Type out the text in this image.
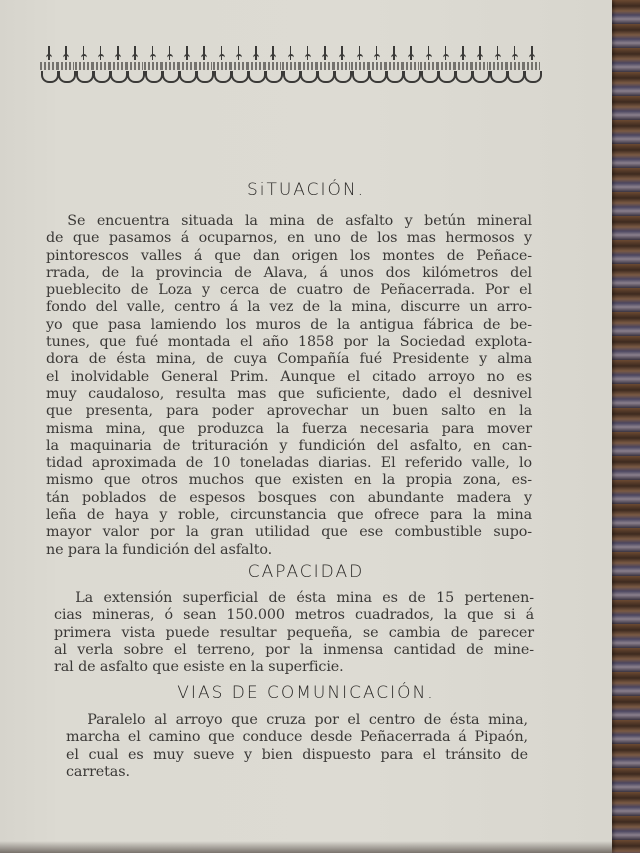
SiTUACIÓN.
  Se encuentra situada la mina de asfalto y betún mineral
de que pasamos á ocuparnos, en uno de los mas hermosos y
pintorescos valles á que dan origen los montes de Peñace-
rrada, de la provincia de Alava, á unos dos kilómetros del
pueblecito de Loza y cerca de cuatro de Peñacerrada. Por el
fondo del valle, centro á la vez de la mina, discurre un arro-
yo que pasa lamiendo los muros de la antigua fábrica de be-
tunes, que fué montada el año 1858 por la Sociedad explota-
dora de ésta mina, de cuya Compañía fué Presidente y alma
el inolvidable General Prim. Aunque el citado arroyo no es
muy caudaloso, resulta mas que suficiente, dado el desnivel
que presenta, para poder aprovechar un buen salto en la
misma mina, que produzca la fuerza necesaria para mover
la maquinaria de trituración y fundición del asfalto, en can-
tidad aproximada de 10 toneladas diarias. El referido valle, lo
mismo que otros muchos que existen en la propia zona, es-
tán poblados de espesos bosques con abundante madera y
leña de haya y roble, circunstancia que ofrece para la mina
mayor valor por la gran utilidad que ese combustible supo-
ne para la fundición del asfalto.
CAPACIDAD
  La extensión superficial de ésta mina es de 15 pertenen-
cias mineras, ó sean 150.000 metros cuadrados, la que si á
primera vista puede resultar pequeña, se cambia de parecer
al verla sobre el terreno, por la inmensa cantidad de mine-
ral de asfalto que esiste en la superficie.
VIAS DE COMUNICACIÓN.
  Paralelo al arroyo que cruza por el centro de ésta mina,
marcha el camino que conduce desde Peñacerrada á Pipaón,
el cual es muy sueve y bien dispuesto para el tránsito de
carretas.
